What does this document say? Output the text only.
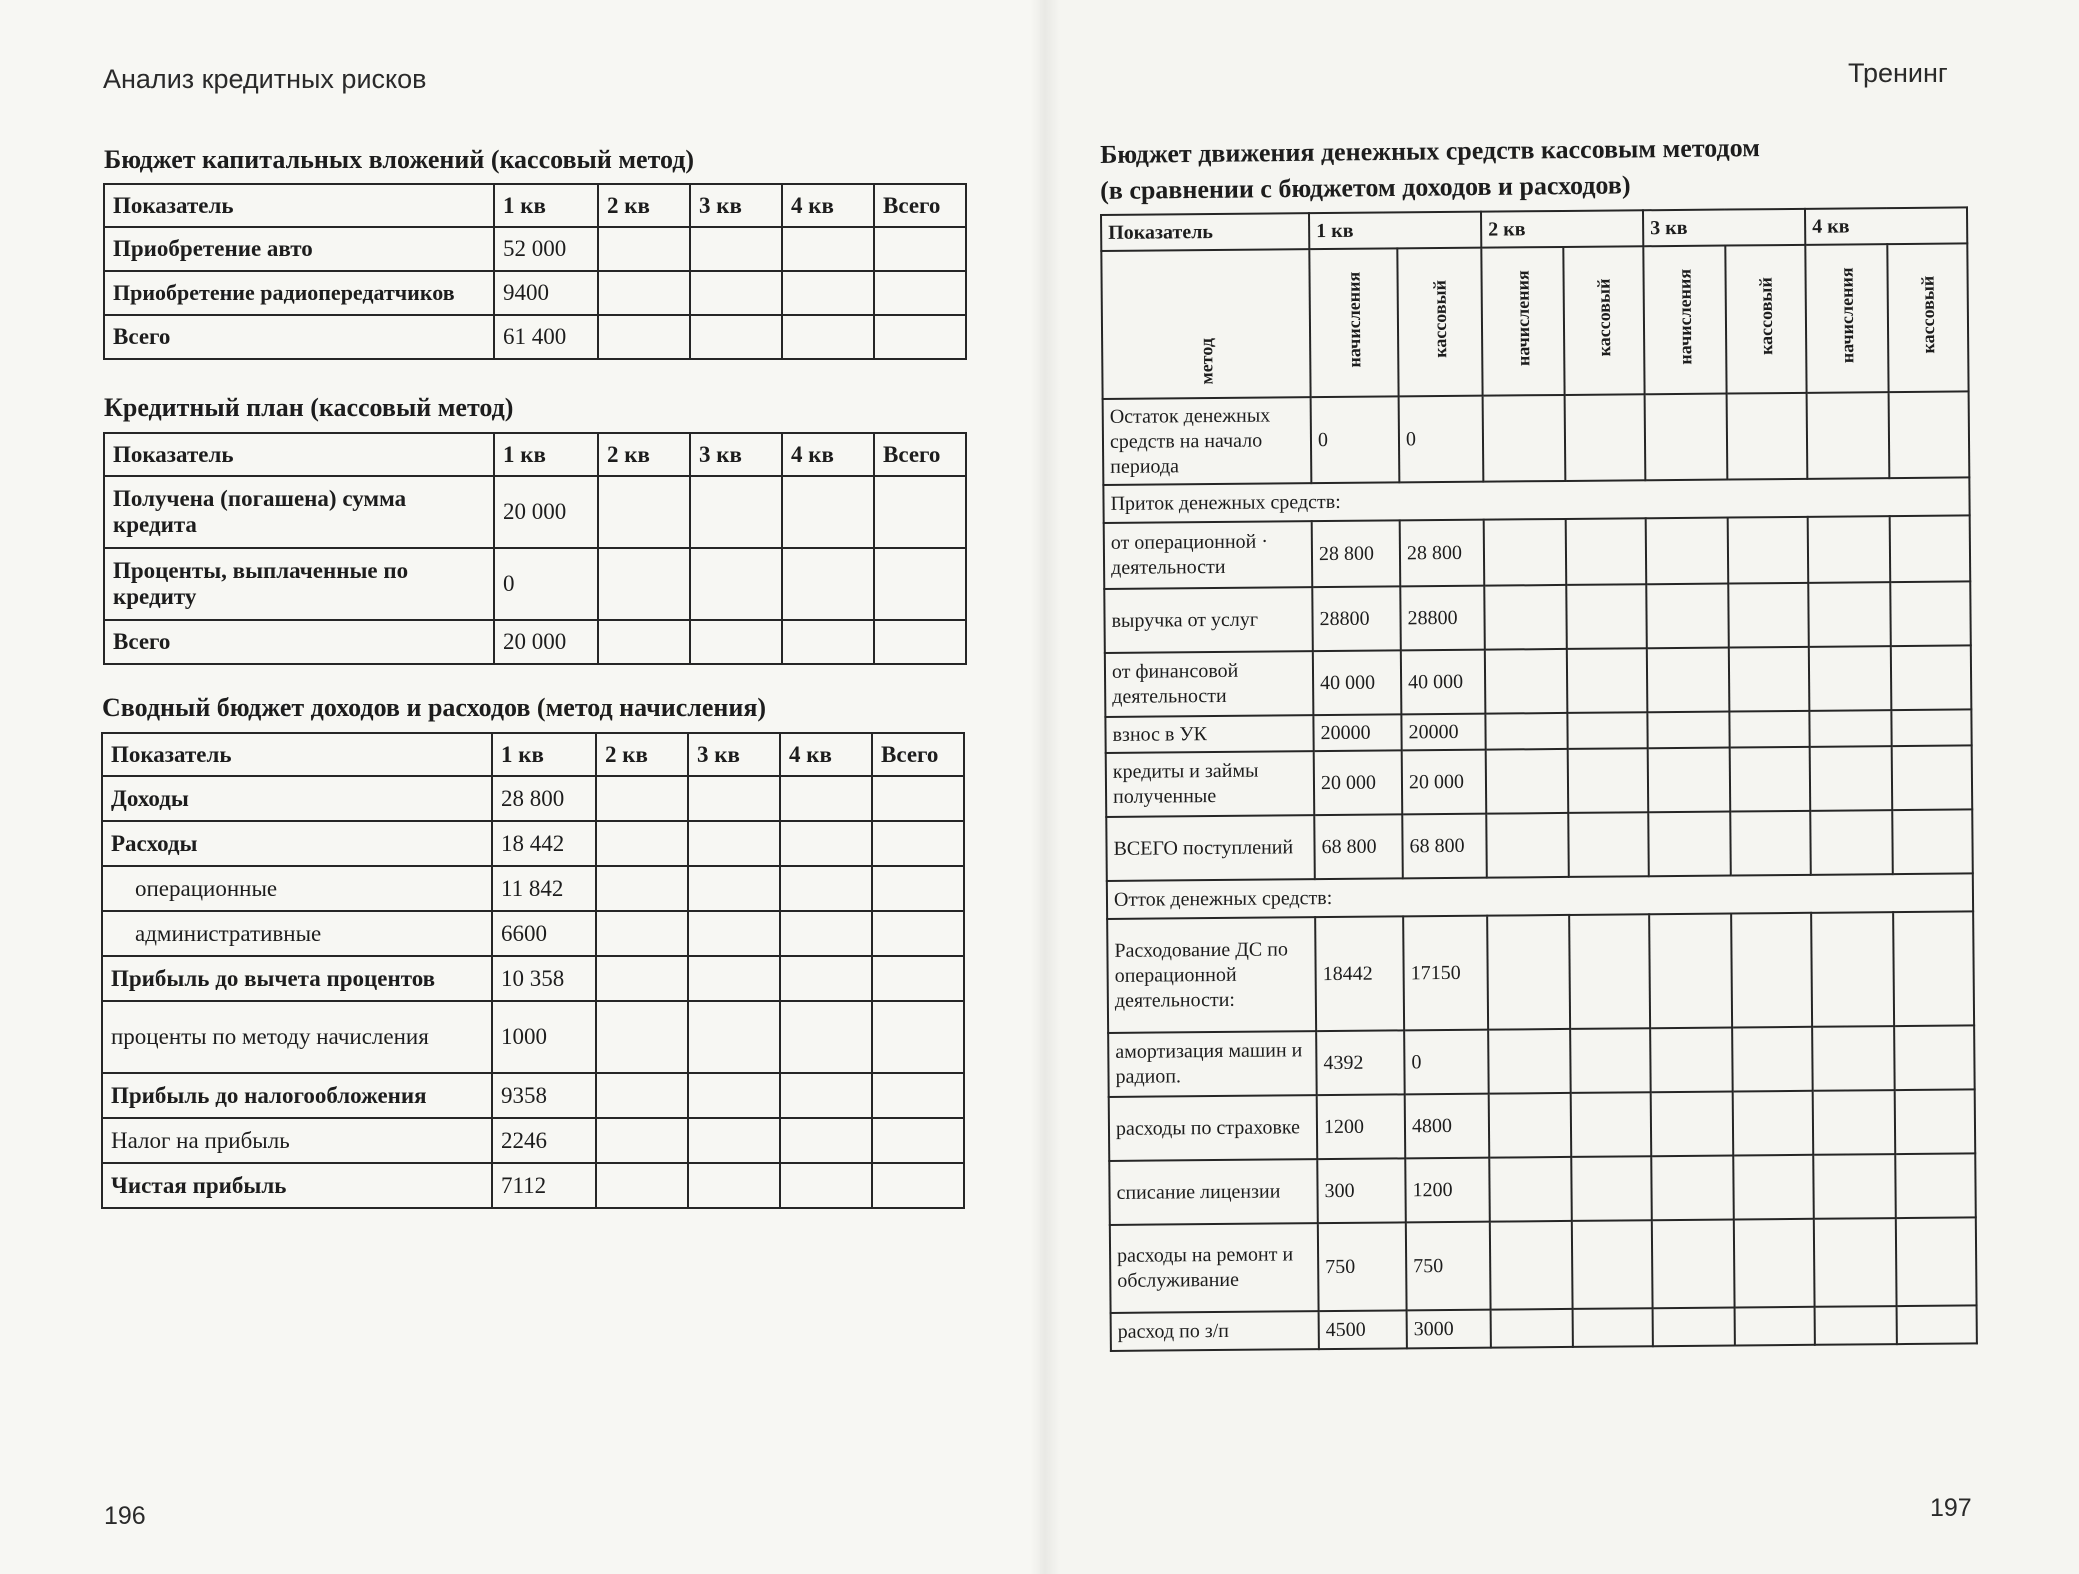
Анализ кредитных рисков
Бюджет капитальных вложений (кассовый метод)
Показатель	1 кв	2 кв	3 кв	4 кв	Всего
Приобретение авто	52 000				
Приобретение радиопередатчиков	9400				
Всего	61 400				
Кредитный план (кассовый метод)
Показатель	1 кв	2 кв	3 кв	4 кв	Всего
Получена (погашена) сумма кредита	20 000				
Проценты, выплаченные по кредиту	0				
Всего	20 000				
Сводный бюджет доходов и расходов (метод начисления)
Показатель	1 кв	2 кв	3 кв	4 кв	Всего
Доходы	28 800				
Расходы	18 442				
операционные	11 842				
административные	6600				
Прибыль до вычета процентов	10 358				
проценты по методу начисления	1000				
Прибыль до налогообложения	9358				
Налог на прибыль	2246				
Чистая прибыль	7112				
196
Тренинг
Бюджет движения денежных средств кассовым методом
(в сравнении с бюджетом доходов и расходов)
Показатель	1 кв		2 кв		3 кв		4 кв	
метод	начисления	кассовый	начисления	кассовый	начисления	кассовый	начисления	кассовый
Остаток денежных средств на начало периода	0	0						
Приток денежных средств:								
от операционной · деятельности	28 800	28 800						
выручка от услуг	28800	28800						
от финансовой деятельности	40 000	40 000						
взнос в УК	20000	20000						
кредиты и займы полученные	20 000	20 000						
ВСЕГО поступлений	68 800	68 800						
Отток денежных средств:								
Расходование ДС по операционной деятельности:	18442	17150						
амортизация машин и радиоп.	4392	0						
расходы по страховке	1200	4800						
списание лицензии	300	1200						
расходы на ремонт и обслуживание	750	750						
расход по з/п	4500	3000						
197
